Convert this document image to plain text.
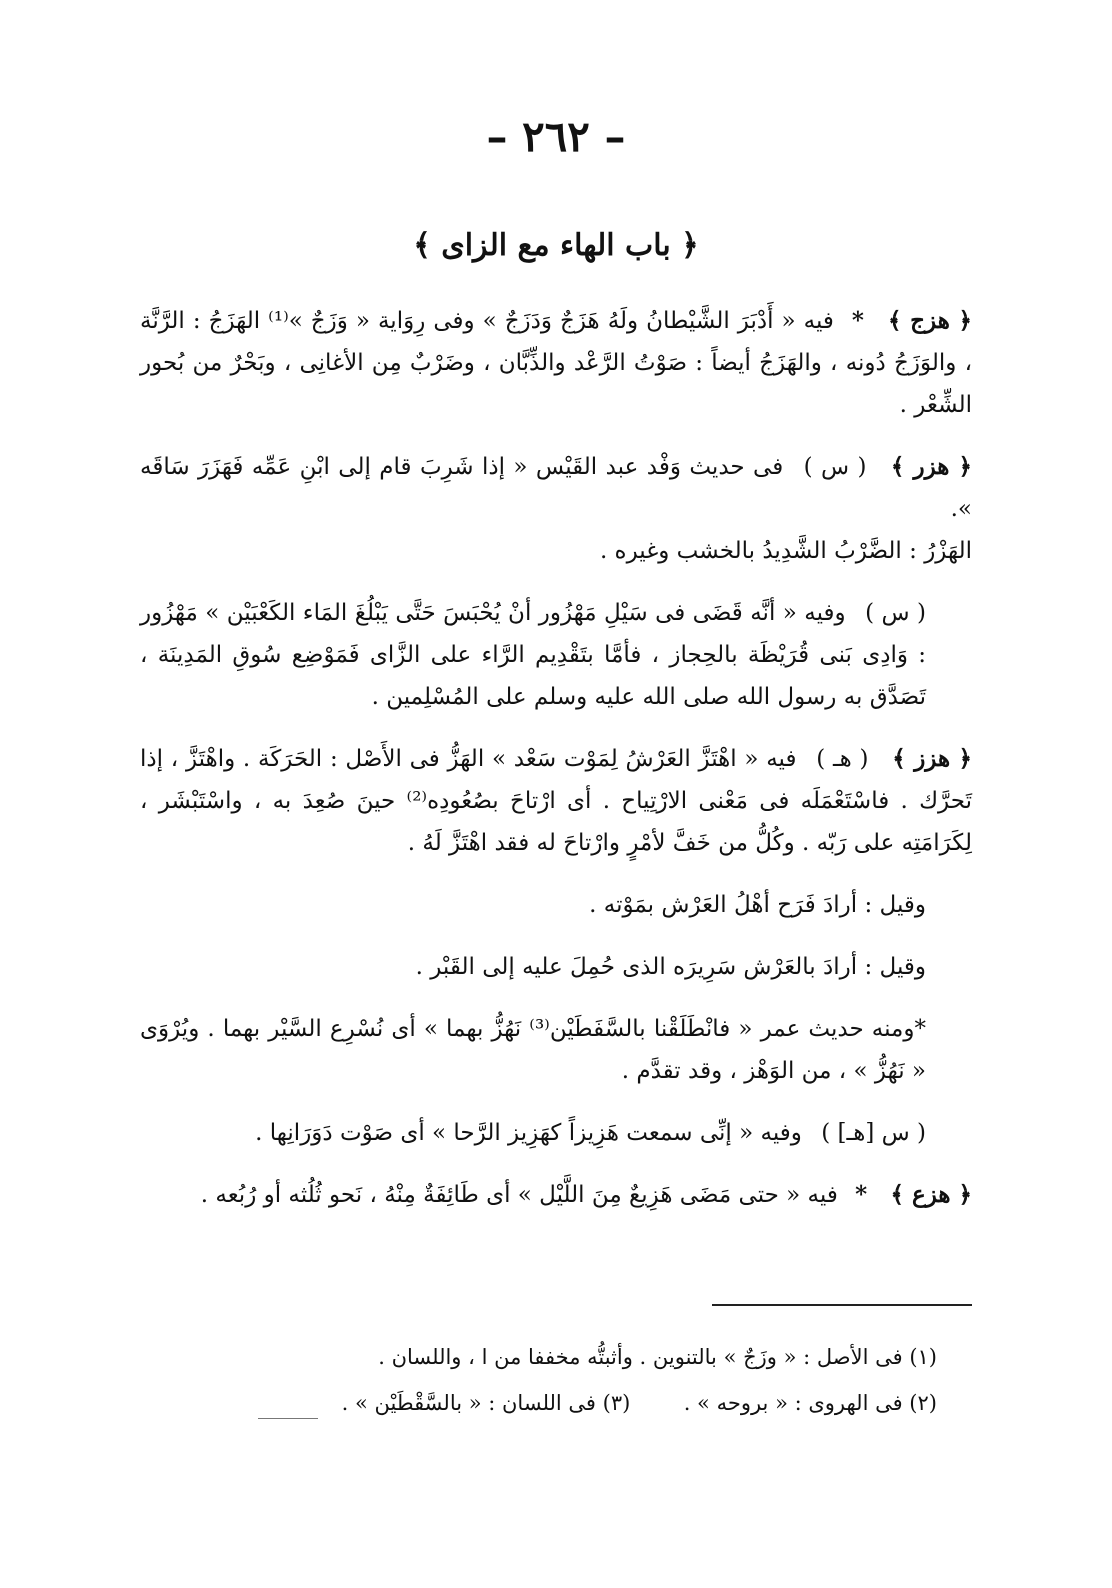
– ٢٦٢ –
﴿ باب الهاء مع الزاى ﴾

﴿ هزج ﴾ * فيه « أَدْبَرَ الشَّيْطانُ ولَهُ هَزَجٌ وَدَزَجٌ » وفى رِوَاية « وَزَجٌ »⁽¹⁾ الهَزَجُ : الرَّنَّة ، والوَزَجُ دُونه ، والهَزَجُ أيضاً : صَوْتُ الرَّعْد والذِّبَّان ، وضَرْبٌ مِن الأغانِى ، وبَحْرٌ من بُحور الشِّعْر .

﴿ هزر ﴾ ( س ) فى حديث وَفْد عبد القَيْس « إذا شَرِبَ قام إلى ابْنِ عَمِّه فَهَزَرَ سَاقَه ».
الهَزْرُ : الضَّرْبُ الشَّدِيدُ بالخشب وغيره .

( س ) وفيه « أنَّه قَضَى فى سَيْلِ مَهْزُور أنْ يُحْبَسَ حَتَّى يَبْلُغَ المَاء الكَعْبَيْن » مَهْزُور : وَادِى بَنى قُرَيْظَة بالحِجاز ، فأمَّا بتَقْدِيم الرَّاء على الزَّاى فَمَوْضِع سُوقِ المَدِينَة ، تَصَدَّق به رسول الله صلى الله عليه وسلم على المُسْلِمين .

﴿ هزز ﴾ ( هـ ) فيه « اهْتَزَّ العَرْشُ لِمَوْت سَعْد » الهَزُّ فى الأَصْل : الحَرَكَة . واهْتَزَّ ، إذا تَحرَّك . فاسْتَعْمَلَه فى مَعْنى الارْتِياح . أى ارْتاحَ بصُعُودِه⁽²⁾ حينَ صُعِدَ به ، واسْتَبْشَر ، لِكَرَامَتِه على رَبّه . وكُلُّ من خَفَّ لأمْرٍ وارْتاحَ له فقد اهْتَزَّ لَهُ .

وقيل : أرادَ فَرَح أهْلُ العَرْش بمَوْته .

وقيل : أرادَ بالعَرْش سَرِيرَه الذى حُمِلَ عليه إلى القَبْر .

*ومنه حديث عمر « فانْطَلَقْنا بالسَّفَطَيْن⁽³⁾ نَهُزُّ بهما » أى نُسْرِع السَّيْر بهما . ويُرْوَى « نَهُزُّ » ، من الوَهْز ، وقد تقدَّم .

( س [هـ] ) وفيه « إنِّى سمعت هَزِيزاً كهَزِيز الرَّحا » أى صَوْت دَوَرَانِها .

﴿ هزع ﴾ * فيه « حتى مَضَى هَزِيعٌ مِنَ اللَّيْل » أى طَائِفَةٌ مِنْهُ ، نَحو ثُلُثه أو رُبُعه .

(١) فى الأصل : « وزَجٌ » بالتنوين . وأثبتُّه مخففا من ا ، واللسان .
(٢) فى الهروى : « بروحه » .  (٣) فى اللسان : « بالسَّقْطَيْن » .
